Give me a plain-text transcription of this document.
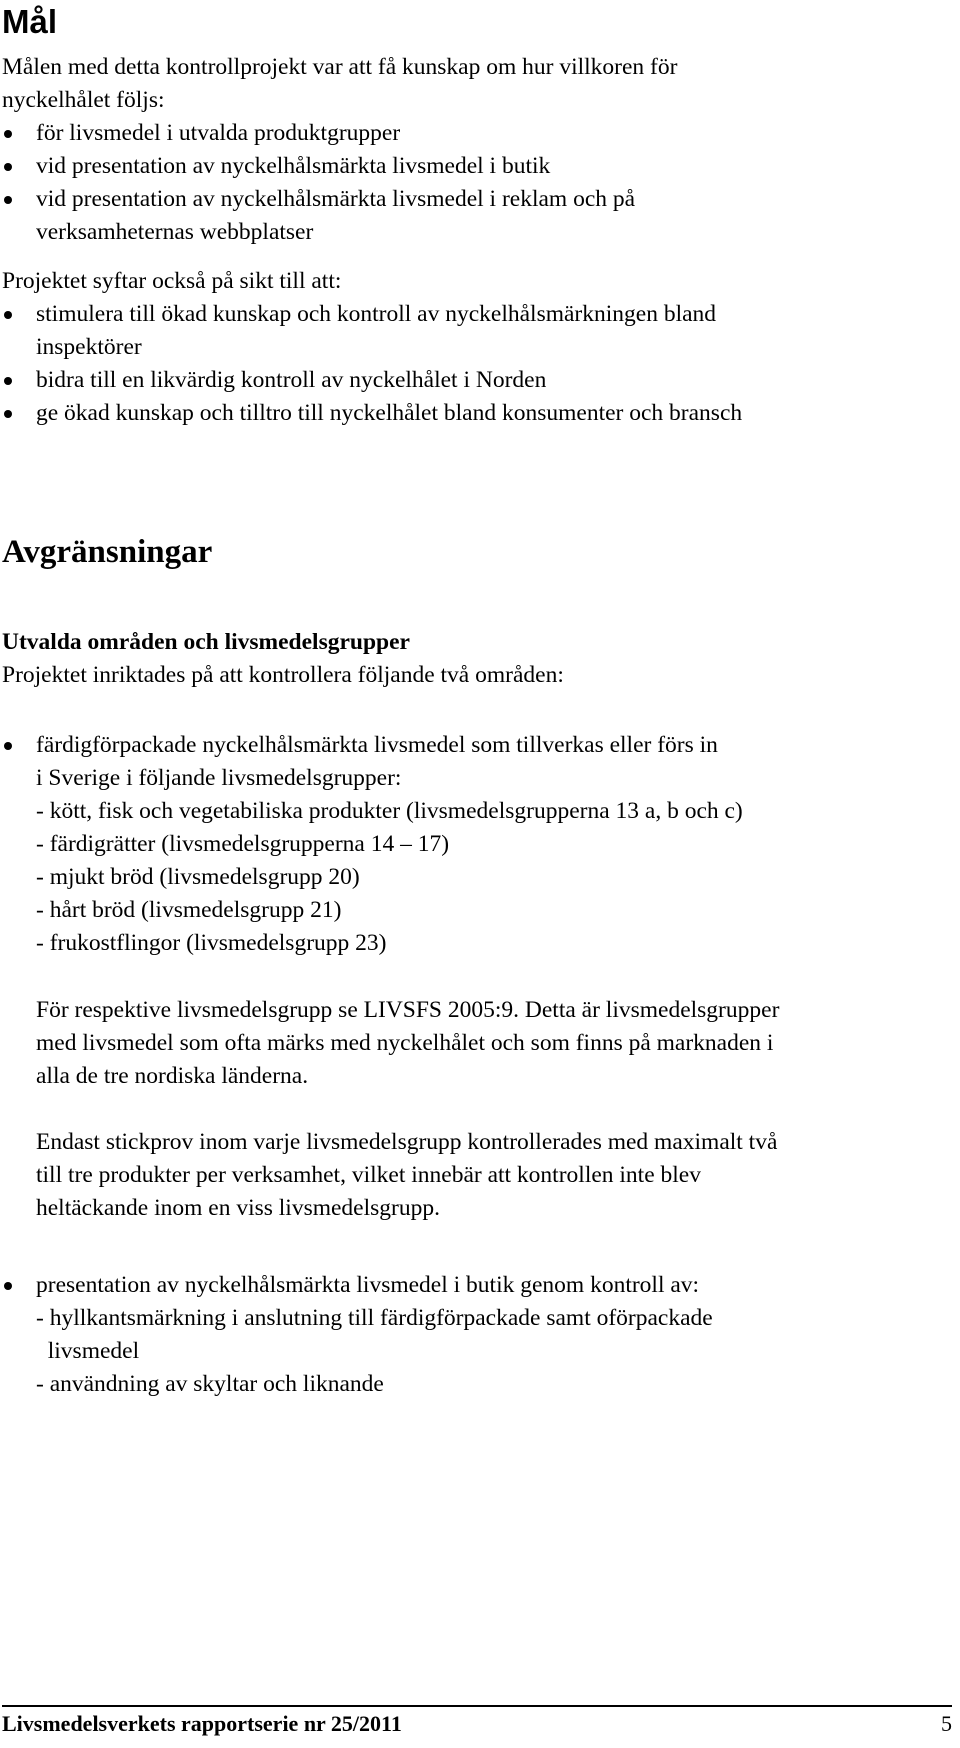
Mål
Målen med detta kontrollprojekt var att få kunskap om hur villkoren för
nyckelhålet följs:
för livsmedel i utvalda produktgrupper
vid presentation av nyckelhålsmärkta livsmedel i butik
vid presentation av nyckelhålsmärkta livsmedel i reklam och på
verksamheternas webbplatser
Projektet syftar också på sikt till att:
stimulera till ökad kunskap och kontroll av nyckelhålsmärkningen bland
inspektörer
bidra till en likvärdig kontroll av nyckelhålet i Norden
ge ökad kunskap och tilltro till nyckelhålet bland konsumenter och bransch
Avgränsningar
Utvalda områden och livsmedelsgrupper
Projektet inriktades på att kontrollera följande två områden:
färdigförpackade nyckelhålsmärkta livsmedel som tillverkas eller förs in
i Sverige i följande livsmedelsgrupper:
- kött, fisk och vegetabiliska produkter (livsmedelsgrupperna 13 a, b och c)
- färdigrätter (livsmedelsgrupperna 14 – 17)
- mjukt bröd (livsmedelsgrupp 20)
- hårt bröd (livsmedelsgrupp 21)
- frukostflingor (livsmedelsgrupp 23)
För respektive livsmedelsgrupp se LIVSFS 2005:9. Detta är livsmedelsgrupper
med livsmedel som ofta märks med nyckelhålet och som finns på marknaden i
alla de tre nordiska länderna.
Endast stickprov inom varje livsmedelsgrupp kontrollerades med maximalt två
till tre produkter per verksamhet, vilket innebär att kontrollen inte blev
heltäckande inom en viss livsmedelsgrupp.
presentation av nyckelhålsmärkta livsmedel i butik genom kontroll av:
- hyllkantsmärkning i anslutning till färdigförpackade samt oförpackade
livsmedel
- användning av skyltar och liknande
Livsmedelsverkets rapportserie nr 25/2011	5
